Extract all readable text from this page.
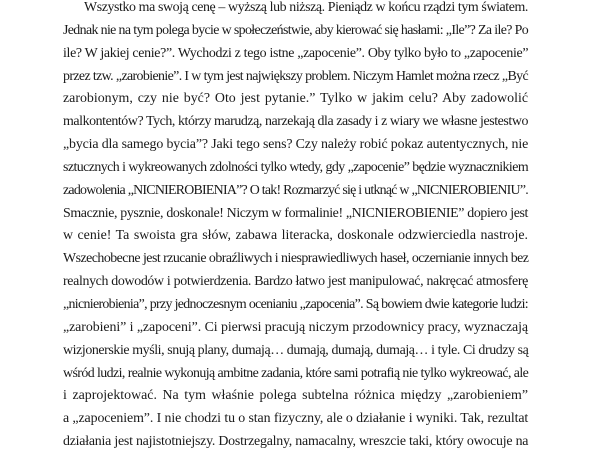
Wszystko ma swoją cenę – wyższą lub niższą. Pieniądz w końcu rządzi tym światem.
Jednak nie na tym polega bycie w społeczeństwie, aby kierować się hasłami: „Ile”? Za ile? Po
ile? W jakiej cenie?”. Wychodzi z tego istne „zapocenie”. Oby tylko było to „zapocenie”
przez tzw. „zarobienie”. I w tym jest największy problem. Niczym Hamlet można rzecz „Być
zarobionym, czy nie być? Oto jest pytanie.” Tylko w jakim celu? Aby zadowolić
malkontentów? Tych, którzy marudzą, narzekają dla zasady i z wiary we własne jestestwo
„bycia dla samego bycia”? Jaki tego sens? Czy należy robić pokaz autentycznych, nie
sztucznych i wykreowanych zdolności tylko wtedy, gdy „zapocenie” będzie wyznacznikiem
zadowolenia „NICNIEROBIENIA”? O tak! Rozmarzyć się i utknąć w „NICNIEROBIENIU”.
Smacznie, pysznie, doskonale! Niczym w formalinie! „NICNIEROBIENIE” dopiero jest
w cenie! Ta swoista gra słów, zabawa literacka, doskonale odzwierciedla nastroje.
Wszechobecne jest rzucanie obraźliwych i niesprawiedliwych haseł, oczernianie innych bez
realnych dowodów i potwierdzenia. Bardzo łatwo jest manipulować, nakręcać atmosferę
„nicnierobienia”, przy jednoczesnym ocenianiu „zapocenia”. Są bowiem dwie kategorie ludzi:
„zarobieni” i „zapoceni”. Ci pierwsi pracują niczym przodownicy pracy, wyznaczają
wizjonerskie myśli, snują plany, dumają… dumają, dumają, dumają… i tyle. Ci drudzy są
wśród ludzi, realnie wykonują ambitne zadania, które sami potrafią nie tylko wykreować, ale
i zaprojektować. Na tym właśnie polega subtelna różnica między „zarobieniem”
a „zapoceniem”. I nie chodzi tu o stan fizyczny, ale o działanie i wyniki. Tak, rezultat
działania jest najistotniejszy. Dostrzegalny, namacalny, wreszcie taki, który owocuje na
